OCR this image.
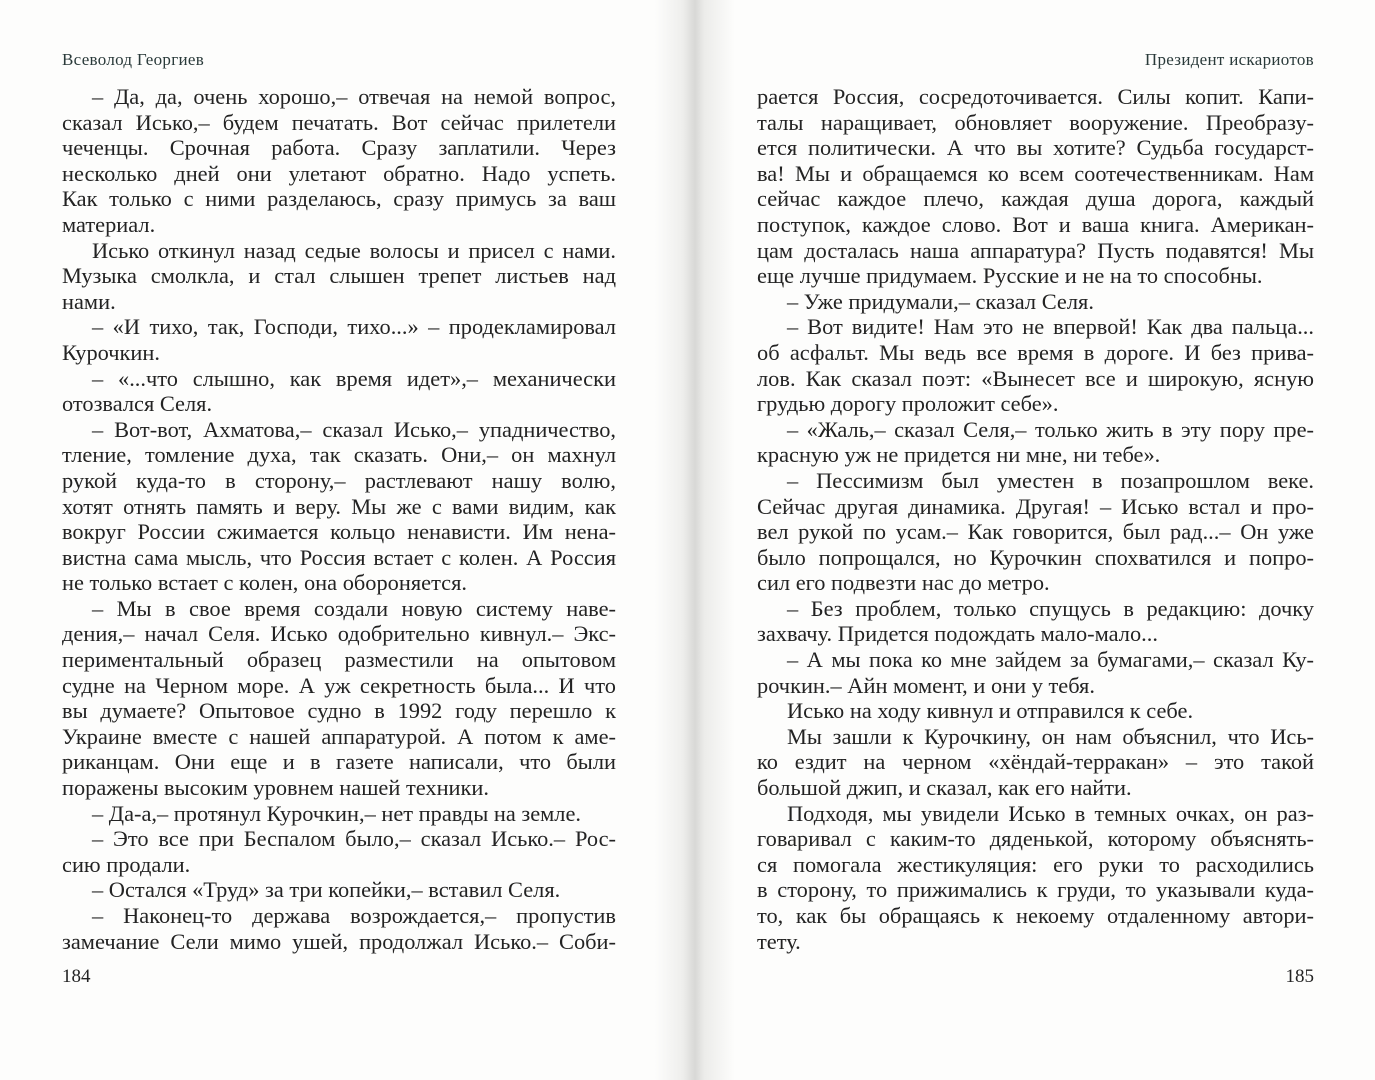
Всеволод Георгиев
– Да, да, очень хорошо,– отвечая на немой вопрос,
сказал Исько,– будем печатать. Вот сейчас прилетели
чеченцы. Срочная работа. Сразу заплатили. Через
несколько дней они улетают обратно. Надо успеть.
Как только с ними разделаюсь, сразу примусь за ваш
материал.
Исько откинул назад седые волосы и присел с нами.
Музыка смолкла, и стал слышен трепет листьев над
нами.
– «И тихо, так, Господи, тихо...» – продекламировал
Курочкин.
– «...что слышно, как время идет»,– механически
отозвался Селя.
– Вот-вот, Ахматова,– сказал Исько,– упадничество,
тление, томление духа, так сказать. Они,– он махнул
рукой куда-то в сторону,– растлевают нашу волю,
хотят отнять память и веру. Мы же с вами видим, как
вокруг России сжимается кольцо ненависти. Им нена-
вистна сама мысль, что Россия встает с колен. А Россия
не только встает с колен, она обороняется.
– Мы в свое время создали новую систему наве-
дения,– начал Селя. Исько одобрительно кивнул.– Экс-
периментальный образец разместили на опытовом
судне на Черном море. А уж секретность была... И что
вы думаете? Опытовое судно в 1992 году перешло к
Украине вместе с нашей аппаратурой. А потом к аме-
риканцам. Они еще и в газете написали, что были
поражены высоким уровнем нашей техники.
– Да-а,– протянул Курочкин,– нет правды на земле.
– Это все при Беспалом было,– сказал Исько.– Рос-
сию продали.
– Остался «Труд» за три копейки,– вставил Селя.
– Наконец-то держава возрождается,– пропустив
замечание Сели мимо ушей, продолжал Исько.– Соби-
184
Президент искариотов
рается Россия, сосредоточивается. Силы копит. Капи-
талы наращивает, обновляет вооружение. Преобразу-
ется политически. А что вы хотите? Судьба государст-
ва! Мы и обращаемся ко всем соотечественникам. Нам
сейчас каждое плечо, каждая душа дорога, каждый
поступок, каждое слово. Вот и ваша книга. Американ-
цам досталась наша аппаратура? Пусть подавятся! Мы
еще лучше придумаем. Русские и не на то способны.
– Уже придумали,– сказал Селя.
– Вот видите! Нам это не впервой! Как два пальца...
об асфальт. Мы ведь все время в дороге. И без прива-
лов. Как сказал поэт: «Вынесет все и широкую, ясную
грудью дорогу проложит себе».
– «Жаль,– сказал Селя,– только жить в эту пору пре-
красную уж не придется ни мне, ни тебе».
– Пессимизм был уместен в позапрошлом веке.
Сейчас другая динамика. Другая! – Исько встал и про-
вел рукой по усам.– Как говорится, был рад...– Он уже
было попрощался, но Курочкин спохватился и попро-
сил его подвезти нас до метро.
– Без проблем, только спущусь в редакцию: дочку
захвачу. Придется подождать мало-мало...
– А мы пока ко мне зайдем за бумагами,– сказал Ку-
рочкин.– Айн момент, и они у тебя.
Исько на ходу кивнул и отправился к себе.
Мы зашли к Курочкину, он нам объяснил, что Ись-
ко ездит на черном «хёндай-терракан» – это такой
большой джип, и сказал, как его найти.
Подходя, мы увидели Исько в темных очках, он раз-
говаривал с каким-то дяденькой, которому объяснять-
ся помогала жестикуляция: его руки то расходились
в сторону, то прижимались к груди, то указывали куда-
то, как бы обращаясь к некоему отдаленному автори-
тету.
185
